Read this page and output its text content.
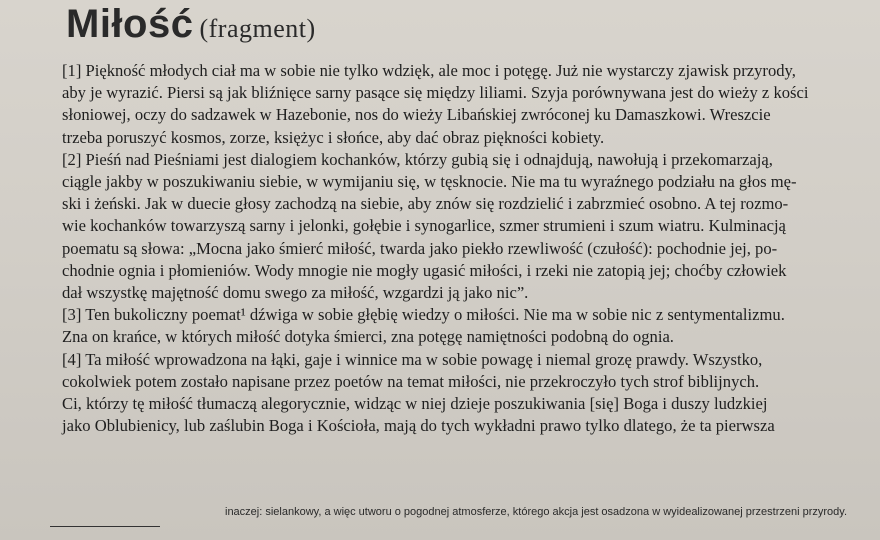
Miłość (fragment)
[1] Piękność młodych ciał ma w sobie nie tylko wdzięk, ale moc i potęgę. Już nie wystarczy zjawisk przyrody,
aby je wyrazić. Piersi są jak bliźnięce sarny pasące się między liliami. Szyja porównywana jest do wieży z kości
słoniowej, oczy do sadzawek w Hazebonie, nos do wieży Libańskiej zwróconej ku Damaszkowi. Wreszcie
trzeba poruszyć kosmos, zorze, księżyc i słońce, aby dać obraz piękności kobiety.
[2] Pieśń nad Pieśniami jest dialogiem kochanków, którzy gubią się i odnajdują, nawołują i przekomarzają,
ciągle jakby w poszukiwaniu siebie, w wymijaniu się, w tęsknocie. Nie ma tu wyraźnego podziału na głos mę-
ski i żeński. Jak w duecie głosy zachodzą na siebie, aby znów się rozdzielić i zabrzmieć osobno. A tej rozmo-
wie kochanków towarzyszą sarny i jelonki, gołębie i synogarlice, szmer strumieni i szum wiatru. Kulminacją
poematu są słowa: „Mocna jako śmierć miłość, twarda jako piekło rzewliwość (czułość): pochodnie jej, po-
chodnie ognia i płomieniów. Wody mnogie nie mogły ugasić miłości, i rzeki nie zatopią jej; choćby człowiek
dał wszystkę majętność domu swego za miłość, wzgardzi ją jako nic”.
[3] Ten bukoliczny poemat¹ dźwiga w sobie głębię wiedzy o miłości. Nie ma w sobie nic z sentymentalizmu.
Zna on krańce, w których miłość dotyka śmierci, zna potęgę namiętności podobną do ognia.
[4] Ta miłość wprowadzona na łąki, gaje i winnice ma w sobie powagę i niemal grozę prawdy. Wszystko,
cokolwiek potem zostało napisane przez poetów na temat miłości, nie przekroczyło tych strof biblijnych.
Ci, którzy tę miłość tłumaczą alegorycznie, widząc w niej dzieje poszukiwania [się] Boga i duszy ludzkiej
jako Oblubienicy, lub zaślubin Boga i Kościoła, mają do tych wykładni prawo tylko dlatego, że ta pierwsza
inaczej: sielankowy, a więc utworu o pogodnej atmosferze, którego akcja jest osadzona w wyidealizowanej przestrzeni przyrody.
